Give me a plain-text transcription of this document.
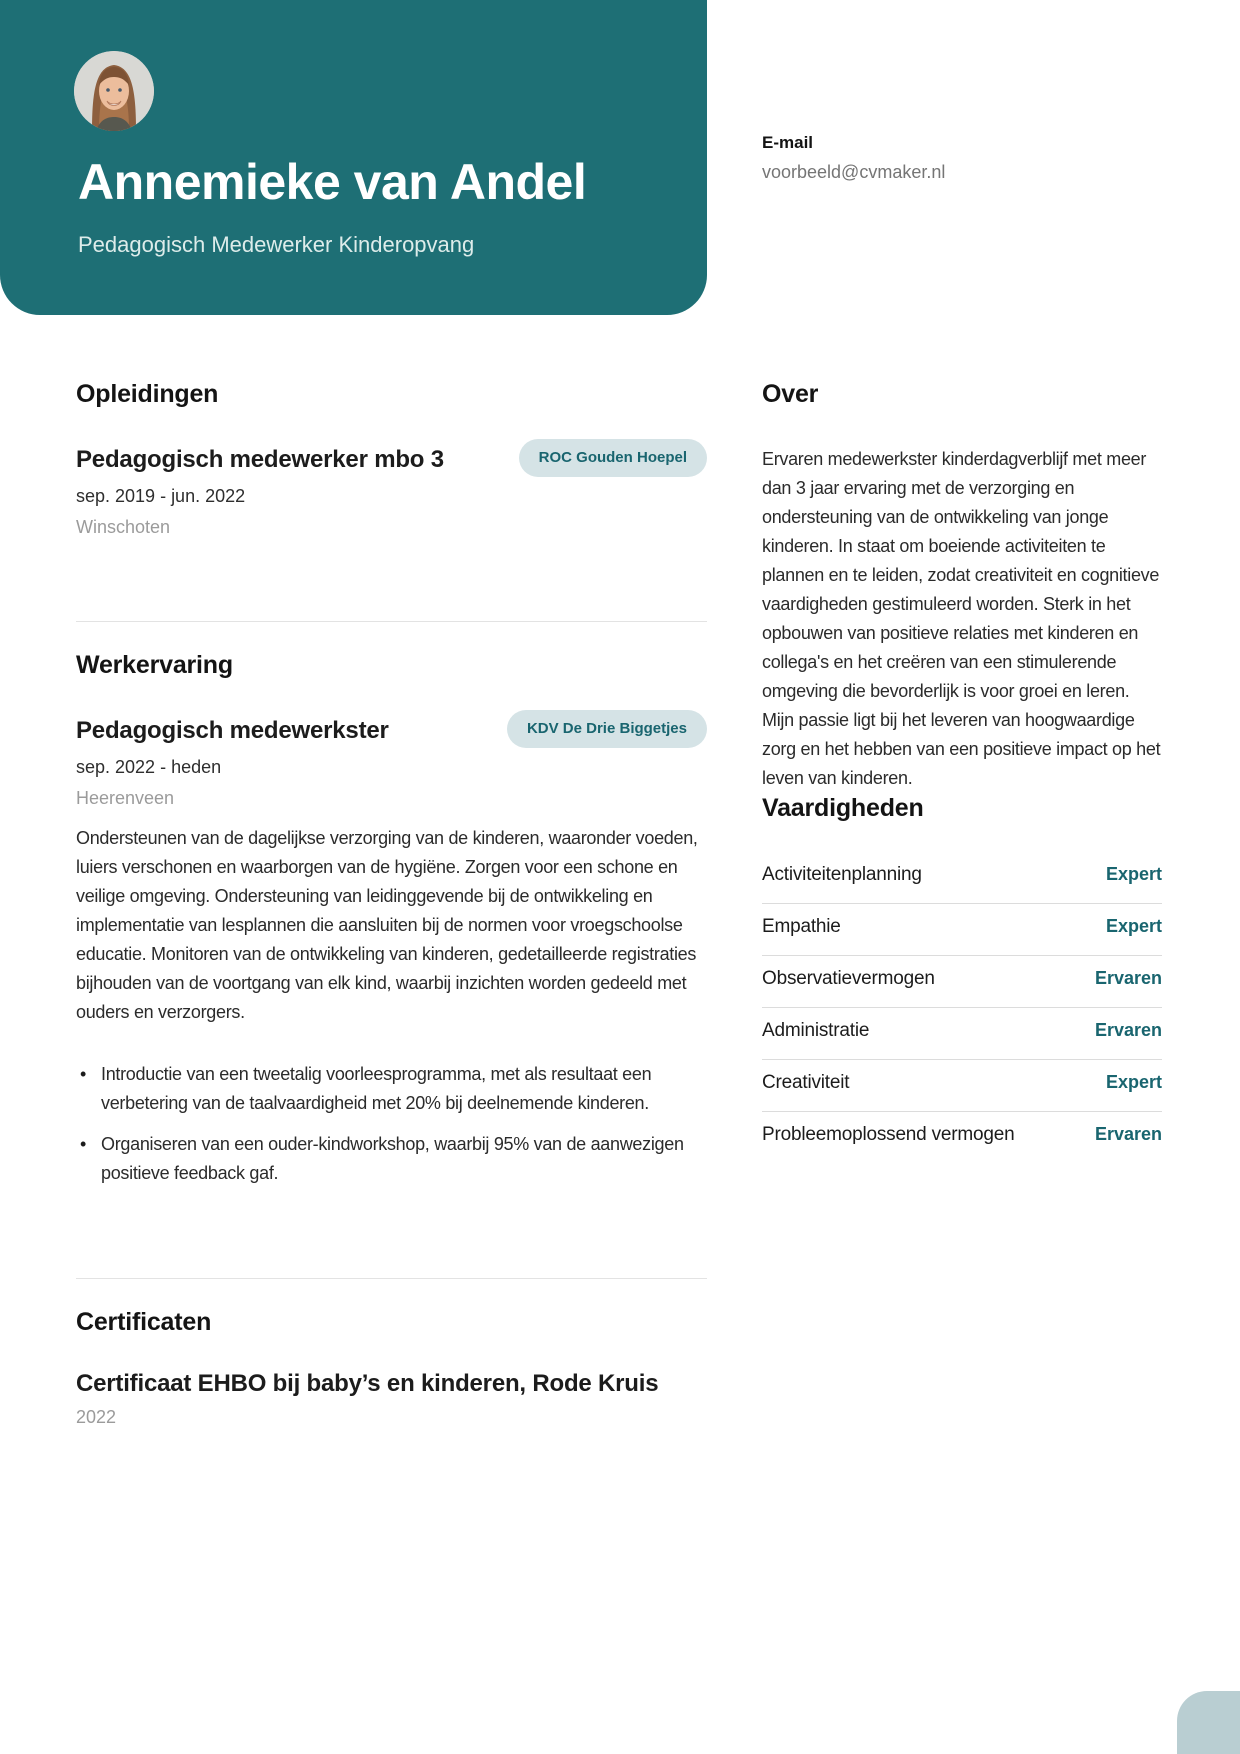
Annemieke van Andel
Pedagogisch Medewerker Kinderopvang
E-mail
voorbeeld@cvmaker.nl
Opleidingen
Pedagogisch medewerker mbo 3
sep. 2019 - jun. 2022
Winschoten
ROC Gouden Hoepel
Werkervaring
Pedagogisch medewerkster
sep. 2022 - heden
Heerenveen
KDV De Drie Biggetjes

Ondersteunen van de dagelijkse verzorging van de kinderen, waaronder voeden, luiers verschonen en waarborgen van de hygiëne. Zorgen voor een schone en veilige omgeving. Ondersteuning van leidinggevende bij de ontwikkeling en implementatie van lesplannen die aansluiten bij de normen voor vroegschoolse educatie. Monitoren van de ontwikkeling van kinderen, gedetailleerde registraties bijhouden van de voortgang van elk kind, waarbij inzichten worden gedeeld met ouders en verzorgers.

• Introductie van een tweetalig voorleesprogramma, met als resultaat een verbetering van de taalvaardigheid met 20% bij deelnemende kinderen.
• Organiseren van een ouder-kindworkshop, waarbij 95% van de aanwezigen positieve feedback gaf.
Certificaten
Certificaat EHBO bij baby’s en kinderen, Rode Kruis
2022
Over

Ervaren medewerkster kinderdagverblijf met meer dan 3 jaar ervaring met de verzorging en ondersteuning van de ontwikkeling van jonge kinderen. In staat om boeiende activiteiten te plannen en te leiden, zodat creativiteit en cognitieve vaardigheden gestimuleerd worden. Sterk in het opbouwen van positieve relaties met kinderen en collega's en het creëren van een stimulerende omgeving die bevorderlijk is voor groei en leren. Mijn passie ligt bij het leveren van hoogwaardige zorg en het hebben van een positieve impact op het leven van kinderen.

Vaardigheden
Activiteitenplanning	Expert
Empathie	Expert
Observatievermogen	Ervaren
Administratie	Ervaren
Creativiteit	Expert
Probleemoplossend vermogen	Ervaren
